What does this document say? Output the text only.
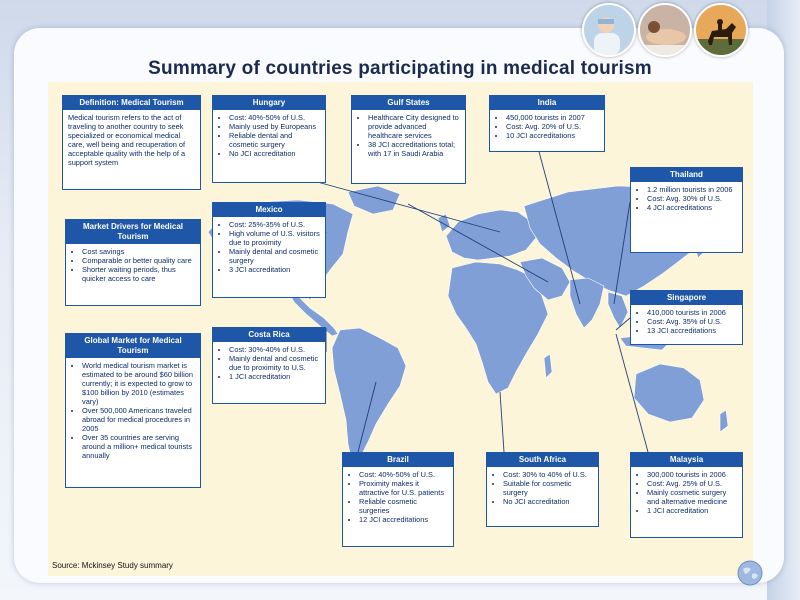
Summary of countries participating in medical tourism
Definition: Medical Tourism

Medical tourism refers to the act of traveling to another country to seek specialized or economical medical care, well being and recuperation of acceptable quality with the help of a support system

Market Drivers for Medical Tourism
• Cost savings
• Comparable or better quality care
• Shorter waiting periods, thus quicker access to care
Global Market for Medical Tourism
• World medical tourism market is estimated to be around $60 billion currently; it is expected to grow to $100 billion by 2010 (estimates vary)
• Over 500,000 Americans traveled abroad for medical procedures in 2005
• Over 35 countries are serving around a million+ medical tourists annually
Hungary
• Cost: 40%-50% of U.S.
• Mainly used by Europeans
• Reliable dental and cosmetic surgery
• No JCI accreditation
Mexico
• Cost: 25%-35% of U.S.
• High volume of U.S. visitors due to proximity
• Mainly dental and cosmetic surgery
• 3 JCI accreditation
Costa Rica
• Cost: 30%-40% of U.S.
• Mainly dental and cosmetic due to proximity to U.S.
• 1 JCI accreditation
Gulf States
• Healthcare City designed to provide advanced healthcare services
• 38 JCI accreditations total; with 17 in Saudi Arabia
India
• 450,000 tourists in 2007
• Cost: Avg. 20% of U.S.
• 10 JCI accreditations
Thailand
• 1.2 million tourists in 2006
• Cost: Avg. 30% of U.S.
• 4 JCI accreditations
Singapore
• 410,000 tourists in 2006
• Cost: Avg. 35% of U.S.
• 13 JCI accreditations
Brazil
• Cost: 40%-50% of U.S.
• Proximity makes it attractive for U.S. patients
• Reliable cosmetic surgeries
• 12 JCI accreditations
South Africa
• Cost: 30% to 40% of U.S.
• Suitable for cosmetic surgery
• No JCI accreditation
Malaysia
• 300,000 tourists in 2006
• Cost: Avg. 25% of U.S.
• Mainly cosmetic surgery and alternative medicine
• 1 JCI accreditation
Source: Mckinsey Study summary
